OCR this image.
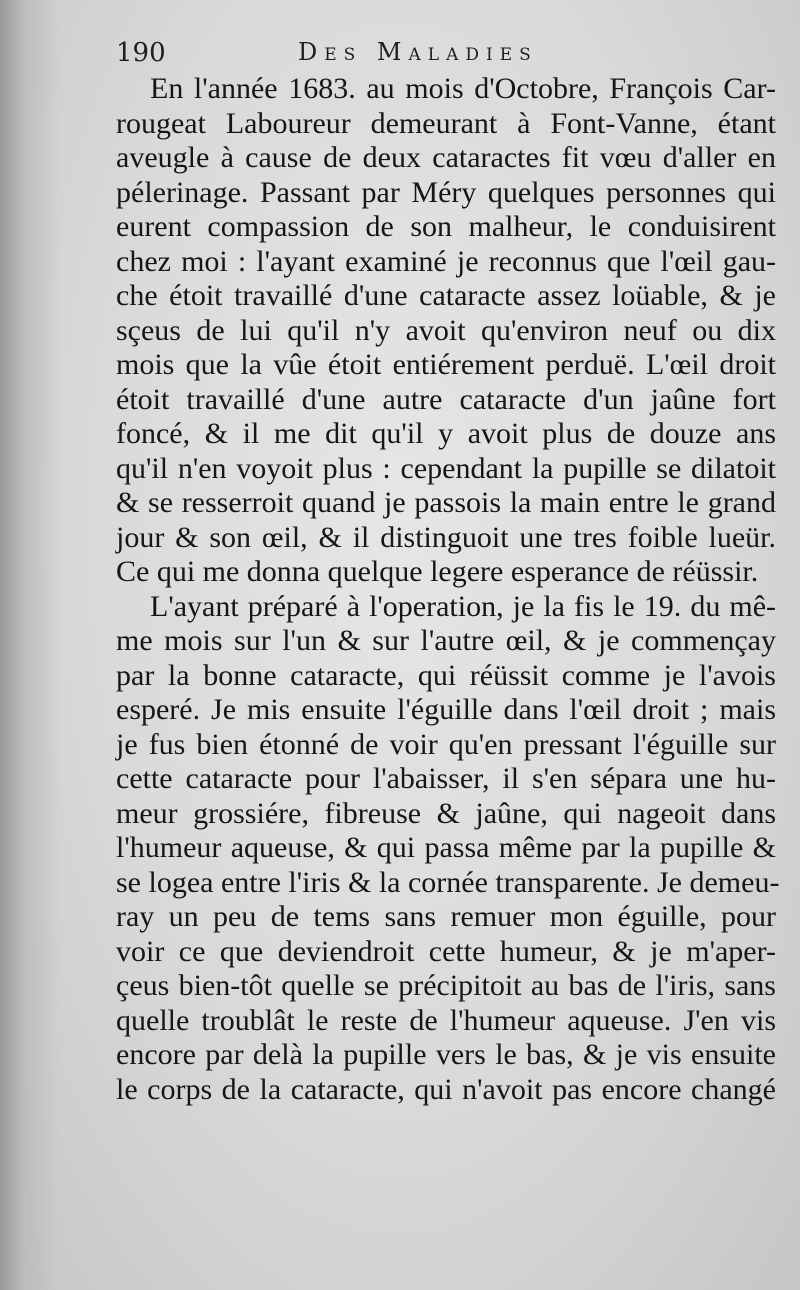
190	Des Maladies
En l'année 1683. au mois d'Octobre, François Car-
rougeat Laboureur demeurant à Font-Vanne, étant
aveugle à cause de deux cataractes fit vœu d'aller en
pélerinage. Passant par Méry quelques personnes qui
eurent compassion de son malheur, le conduisirent
chez moi : l'ayant examiné je reconnus que l'œil gau-
che étoit travaillé d'une cataracte assez loüable, & je
sçeus de lui qu'il n'y avoit qu'environ neuf ou dix
mois que la vûe étoit entiérement perduë. L'œil droit
étoit travaillé d'une autre cataracte d'un jaûne fort
foncé, & il me dit qu'il y avoit plus de douze ans
qu'il n'en voyoit plus : cependant la pupille se dilatoit
& se resserroit quand je passois la main entre le grand
jour & son œil, & il distinguoit une tres foible lueür.
Ce qui me donna quelque legere esperance de réüssir.
L'ayant préparé à l'operation, je la fis le 19. du mê-
me mois sur l'un & sur l'autre œil, & je commençay
par la bonne cataracte, qui réüssit comme je l'avois
esperé. Je mis ensuite l'éguille dans l'œil droit ; mais
je fus bien étonné de voir qu'en pressant l'éguille sur
cette cataracte pour l'abaisser, il s'en sépara une hu-
meur grossiére, fibreuse & jaûne, qui nageoit dans
l'humeur aqueuse, & qui passa même par la pupille &
se logea entre l'iris & la cornée transparente. Je demeu-
ray un peu de tems sans remuer mon éguille, pour
voir ce que deviendroit cette humeur, & je m'aper-
çeus bien-tôt quelle se précipitoit au bas de l'iris, sans
quelle troublât le reste de l'humeur aqueuse. J'en vis
encore par delà la pupille vers le bas, & je vis ensuite
le corps de la cataracte, qui n'avoit pas encore changé
